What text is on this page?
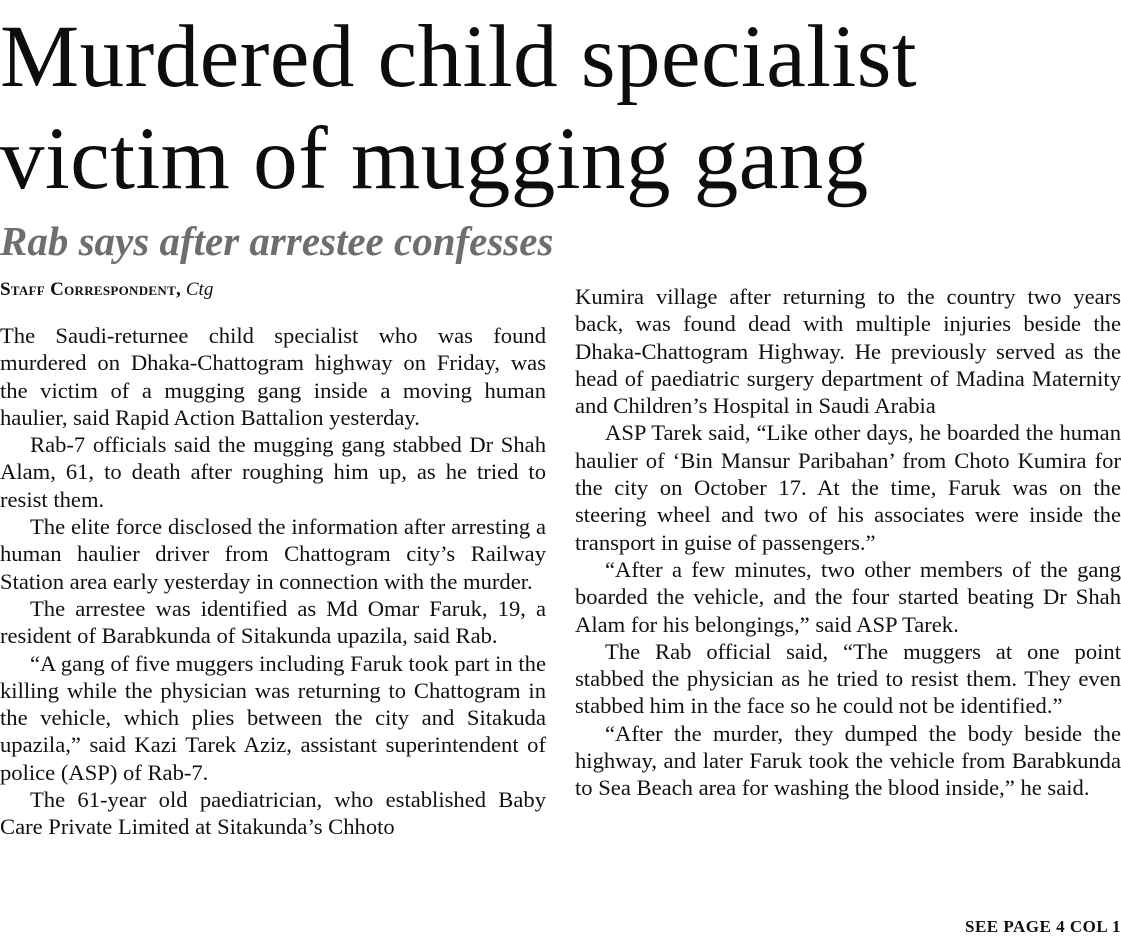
Murdered child specialist
victim of mugging gang
Rab says after arrestee confesses
Staff Correspondent, Ctg

The Saudi-returnee child specialist who was found murdered on Dhaka-Chattogram highway on Friday, was the victim of a mugging gang inside a moving human haulier, said Rapid Action Battalion yesterday.

Rab-7 officials said the mugging gang stabbed Dr Shah Alam, 61, to death after roughing him up, as he tried to resist them.

The elite force disclosed the information after arresting a human haulier driver from Chattogram city’s Railway Station area early yesterday in connection with the murder.

The arrestee was identified as Md Omar Faruk, 19, a resident of Barabkunda of Sitakunda upazila, said Rab.

“A gang of five muggers including Faruk took part in the killing while the physician was returning to Chattogram in the vehicle, which plies between the city and Sitakuda upazila,” said Kazi Tarek Aziz, assistant superintendent of police (ASP) of Rab-7.

The 61-year old paediatrician, who established Baby Care Private Limited at Sitakunda’s Chhoto

Kumira village after returning to the country two years back, was found dead with multiple injuries beside the Dhaka-Chattogram Highway. He previously served as the head of paediatric surgery department of Madina Maternity and Children’s Hospital in Saudi Arabia

ASP Tarek said, “Like other days, he boarded the human haulier of ‘Bin Mansur Paribahan’ from Choto Kumira for the city on October 17. At the time, Faruk was on the steering wheel and two of his associates were inside the transport in guise of passengers.”

“After a few minutes, two other members of the gang boarded the vehicle, and the four started beating Dr Shah Alam for his belongings,” said ASP Tarek.

The Rab official said, “The muggers at one point stabbed the physician as he tried to resist them. They even stabbed him in the face so he could not be identified.”

“After the murder, they dumped the body beside the highway, and later Faruk took the vehicle from Barabkunda to Sea Beach area for washing the blood inside,” he said.

SEE PAGE 4 COL 1
